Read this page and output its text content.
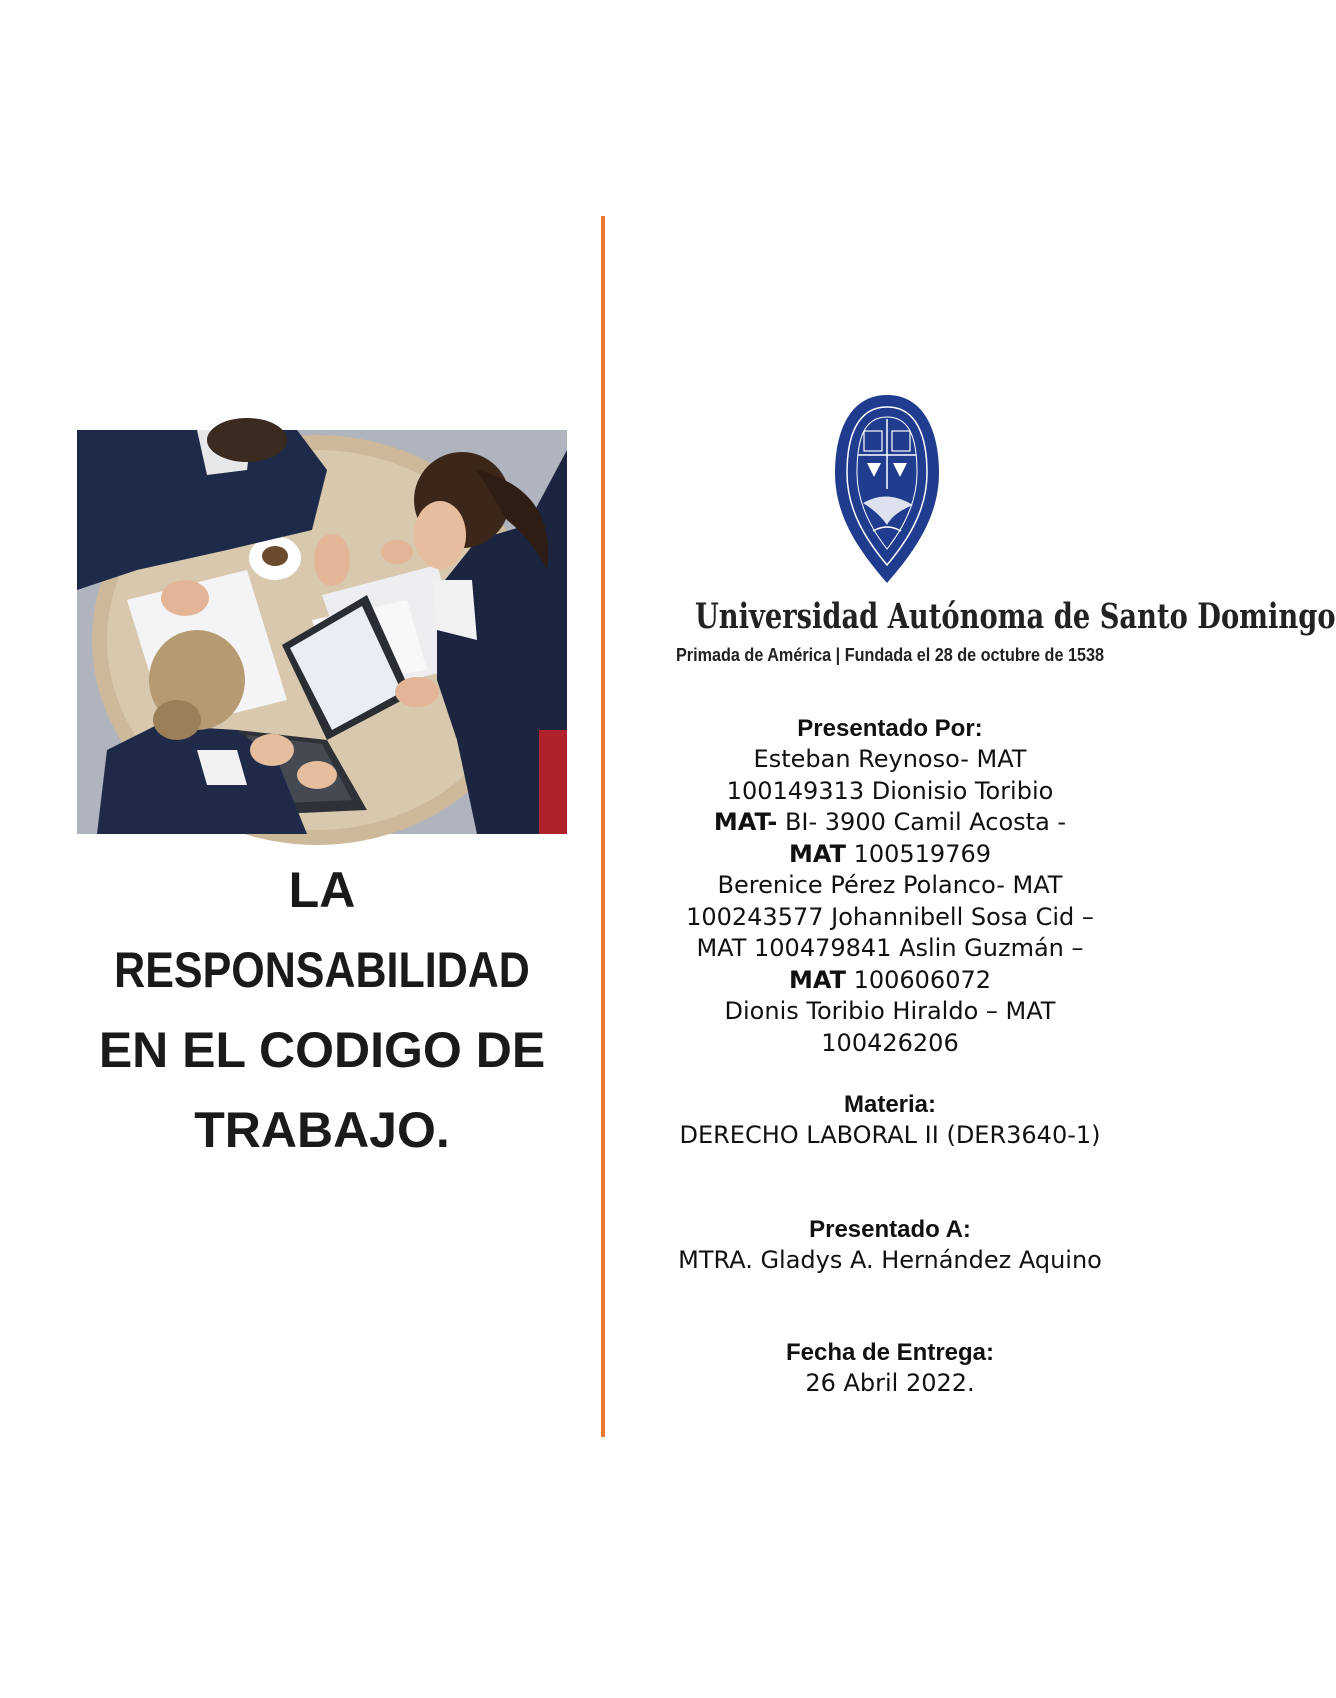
LA
RESPONSABILIDAD
EN EL CODIGO DE
TRABAJO.
Universidad Autónoma de Santo Domingo
Primada de América | Fundada el 28 de octubre de 1538
Presentado Por:
Esteban Reynoso- MAT
100149313 Dionisio Toribio
MAT- BI- 3900 Camil Acosta -
MAT 100519769
Berenice Pérez Polanco- MAT
100243577 Johannibell Sosa Cid –
MAT 100479841 Aslin Guzmán –
MAT 100606072
Dionis Toribio Hiraldo – MAT
100426206
Materia:
DERECHO LABORAL II (DER3640-1)
Presentado A:
MTRA. Gladys A. Hernández Aquino
Fecha de Entrega:
26 Abril 2022.
